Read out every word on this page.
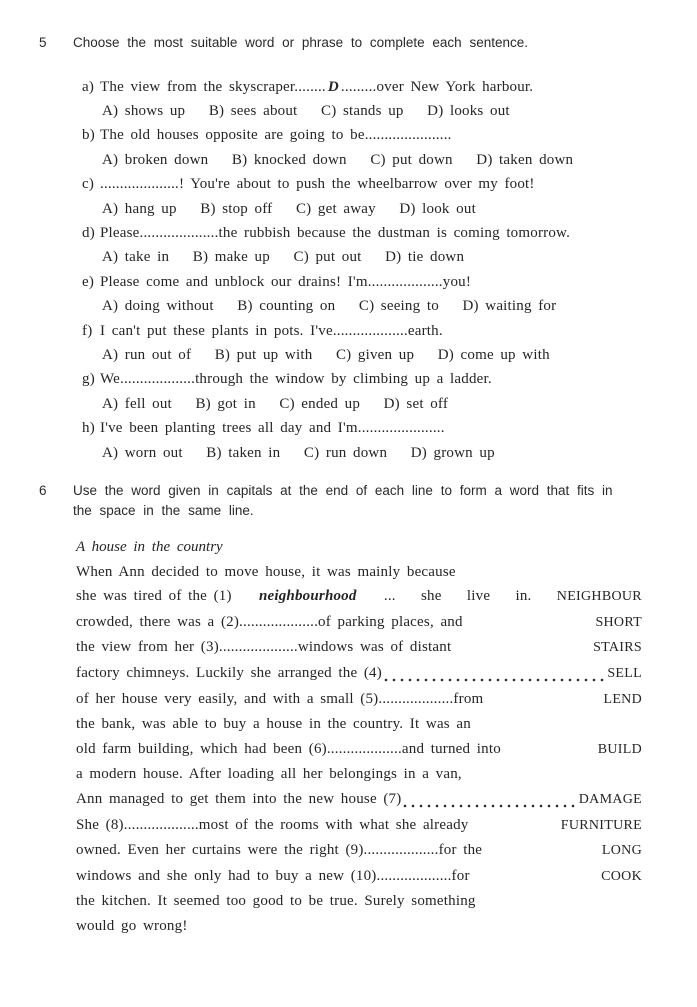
5	Choose the most suitable word or phrase to complete each sentence.
a) The view from the skyscraper........ D .........over New York harbour.
A) shows up B) sees about C) stands up D) looks out
b) The old houses opposite are going to be......................
A) broken down B) knocked down C) put down D) taken down
c) ....................! You're about to push the wheelbarrow over my foot!
A) hang up B) stop off C) get away D) look out
d) Please....................the rubbish because the dustman is coming tomorrow.
A) take in B) make up C) put out D) tie down
e) Please come and unblock our drains! I'm...................you!
A) doing without B) counting on C) seeing to D) waiting for
f) I can't put these plants in pots. I've...................earth.
A) run out of B) put up with C) given up D) come up with
g) We...................through the window by climbing up a ladder.
A) fell out B) got in C) ended up D) set off
h) I've been planting trees all day and I'm......................
A) worn out B) taken in C) run down D) grown up
6	Use the word given in capitals at the end of each line to form a word that fits in the space in the same line.
A house in the country
When Ann decided to move house, it was mainly because
she was tired of the (1) neighbourhood ... she live in. NEIGHBOUR
crowded, there was a (2)....................of parking places, and	SHORT
the view from her (3)....................windows was of distant	STAIRS
factory chimneys. Luckily she arranged the (4)	SELL
of her house very easily, and with a small (5)...................from	LEND
the bank, was able to buy a house in the country. It was an
old farm building, which had been (6)...................and turned into	BUILD
a modern house. After loading all her belongings in a van,
Ann managed to get them into the new house (7)	DAMAGE
She (8)...................most of the rooms with what she already	FURNITURE
owned. Even her curtains were the right (9)...................for the	LONG
windows and she only had to buy a new (10)...................for	COOK
the kitchen. It seemed too good to be true. Surely something
would go wrong!
